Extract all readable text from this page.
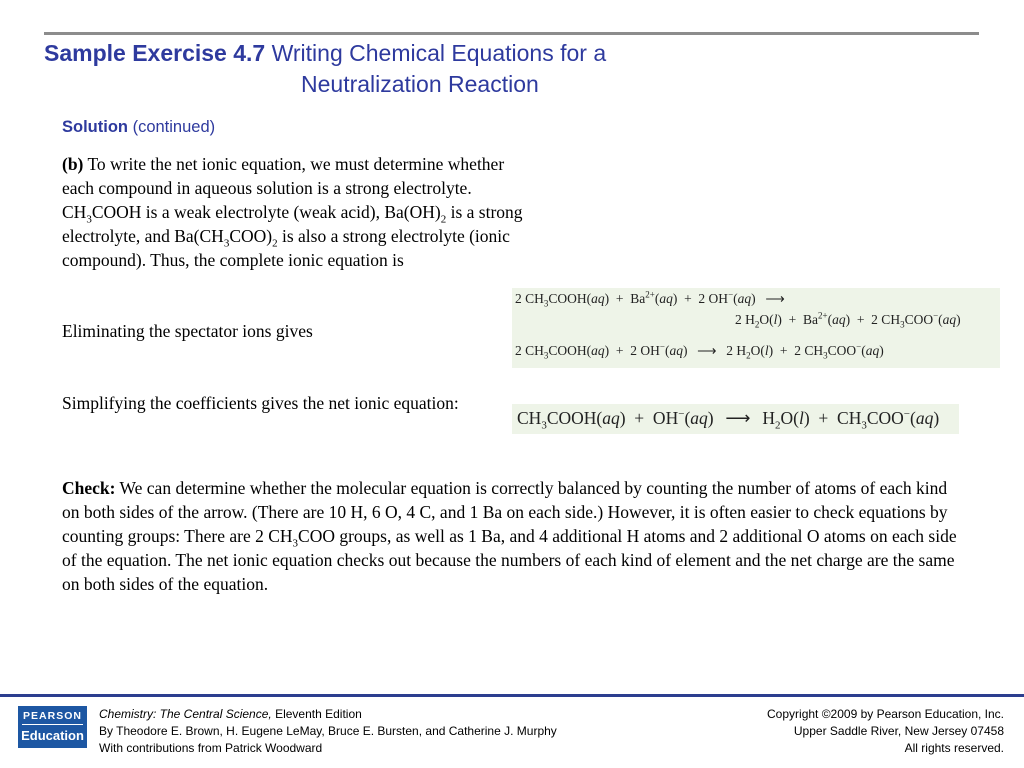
Sample Exercise 4.7 Writing Chemical Equations for a
Neutralization Reaction
Solution (continued)
(b) To write the net ionic equation, we must determine whether each compound in aqueous solution is a strong electrolyte. $CH_3COOH$ is a weak electrolyte (weak acid), $Ba(OH)_2$ is a strong electrolyte, and $Ba(CH_3COO)_2$ is also a strong electrolyte (ionic compound). Thus, the complete ionic equation is
Eliminating the spectator ions gives
Simplifying the coefficients gives the net ionic equation:
2 $CH_3COOH(aq) + Ba^{2+}(aq) + 2$ OH−(aq) ⟶
2 $H_2O(l) + Ba^{2+}(aq) + 2$ $CH_3COO^-(aq)$
2 $CH_3COOH(aq) + 2$ OH−(aq) ⟶ 2 $H_2O(l) + 2$ $CH_3COO^-(aq)$
$CH_3COOH(aq) + OH^-(aq)$ ⟶ $H_2O(l) + CH_3COO^-(aq)$
Check: We can determine whether the molecular equation is correctly balanced by counting the number of atoms of each kind on both sides of the arrow. (There are 10 H, 6 O, 4 C, and 1 Ba on each side.) However, it is often easier to check equations by counting groups: There are 2 $CH_3COO$ groups, as well as 1 Ba, and 4 additional H atoms and 2 additional O atoms on each side of the equation. The net ionic equation checks out because the numbers of each kind of element and the net charge are the same on both sides of the equation.
PEARSON
Education
Chemistry: The Central Science, Eleventh Edition
By Theodore E. Brown, H. Eugene LeMay, Bruce E. Bursten, and Catherine J. Murphy
With contributions from Patrick Woodward
Copyright ©2009 by Pearson Education, Inc.
Upper Saddle River, New Jersey 07458
All rights reserved.
